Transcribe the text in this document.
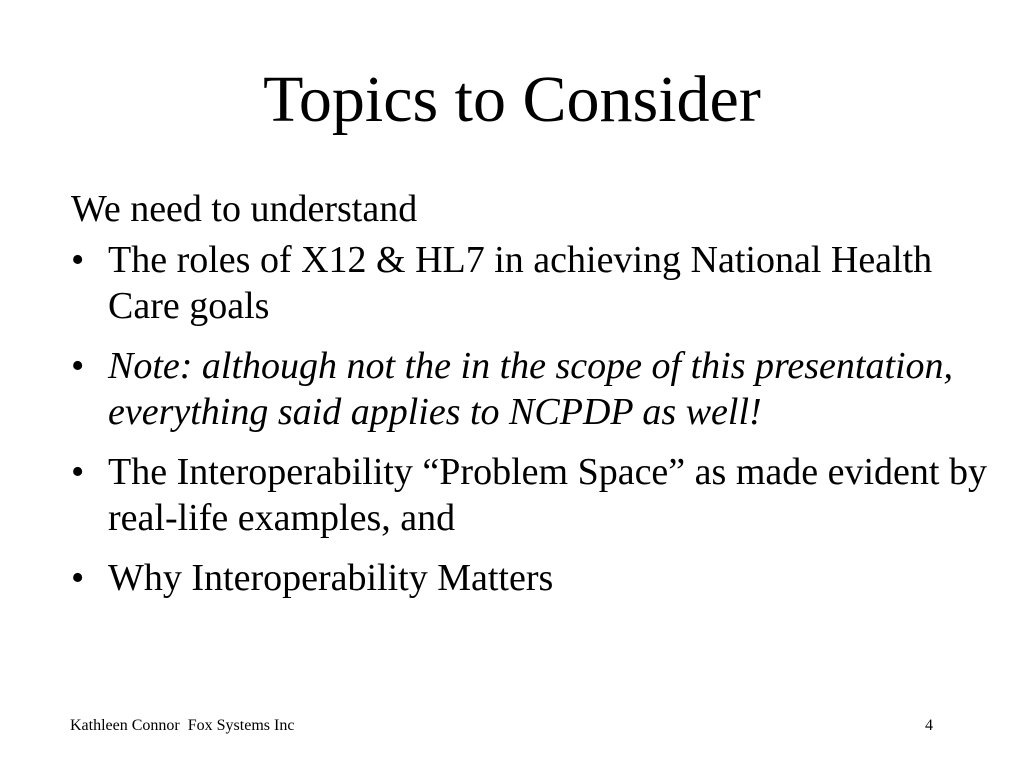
Topics to Consider

We need to understand

• The roles of X12 & HL7 in achieving National Health Care goals
• Note: although not the in the scope of this presentation, everything said applies to NCPDP as well!
• The Interoperability “Problem Space” as made evident by real-life examples, and
• Why Interoperability Matters
Kathleen Connor  Fox Systems Inc	4
